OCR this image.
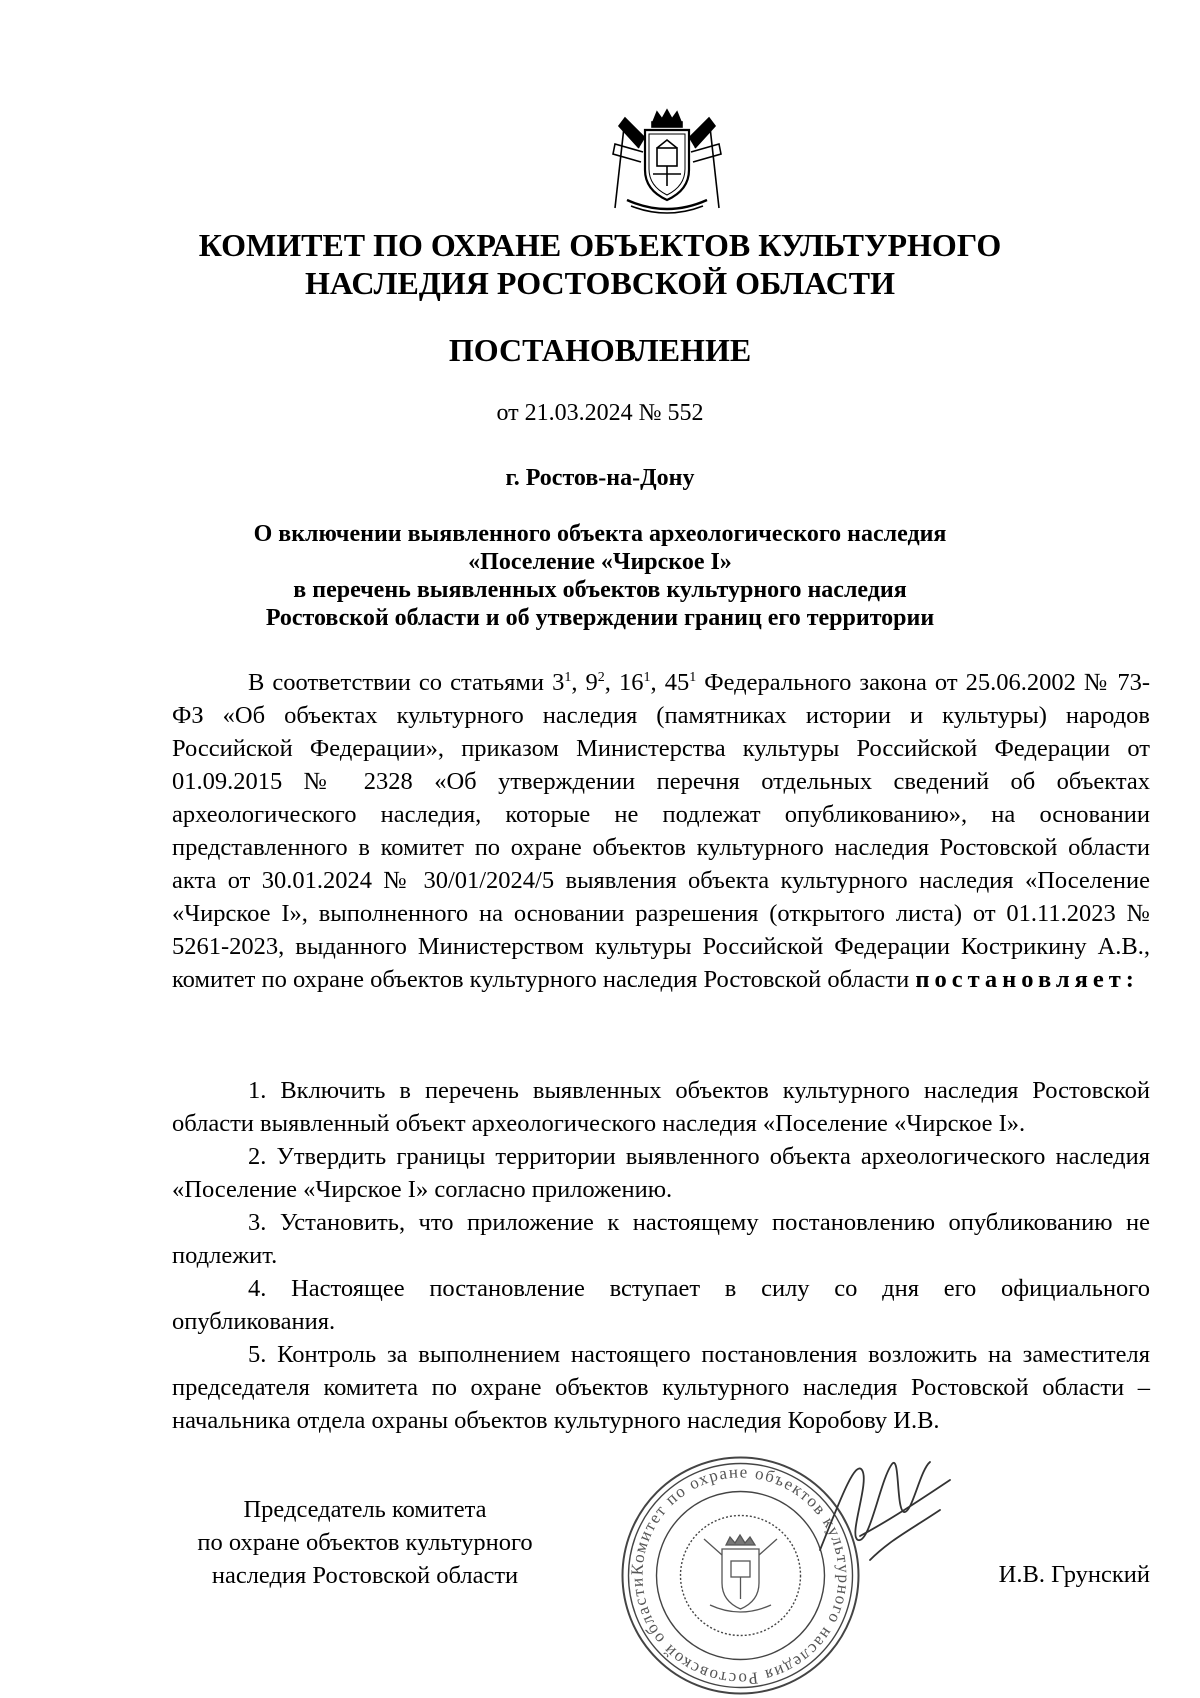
КОМИТЕТ ПО ОХРАНЕ ОБЪЕКТОВ КУЛЬТУРНОГО
НАСЛЕДИЯ РОСТОВСКОЙ ОБЛАСТИ
ПОСТАНОВЛЕНИЕ
от 21.03.2024 № 552
г. Ростов-на-Дону
О включении выявленного объекта археологического наследия
«Поселение «Чирское I»
в перечень выявленных объектов культурного наследия
Ростовской области и об утверждении границ его территории
В соответствии со статьями $3^1$, $9^2$, $16^1$, $45^1$ Федерального закона от 25.06.2002 № 73-ФЗ «Об объектах культурного наследия (памятниках истории и культуры) народов Российской Федерации», приказом Министерства культуры Российской Федерации от 01.09.2015 № 2328 «Об утверждении перечня отдельных сведений об объектах археологического наследия, которые не подлежат опубликованию», на основании представленного в комитет по охране объектов культурного наследия Ростовской области акта от 30.01.2024 № 30/01/2024/5 выявления объекта культурного наследия «Поселение «Чирское I», выполненного на основании разрешения (открытого листа) от 01.11.2023 № 5261-2023, выданного Министерством культуры Российской Федерации Кострикину А.В., комитет по охране объектов культурного наследия Ростовской области постановляет:

1. Включить в перечень выявленных объектов культурного наследия Ростовской области выявленный объект археологического наследия «Поселение «Чирское I».

2. Утвердить границы территории выявленного объекта археологического наследия «Поселение «Чирское I» согласно приложению.

3. Установить, что приложение к настоящему постановлению опубликованию не подлежит.

4. Настоящее постановление вступает в силу со дня его официального опубликования.

5. Контроль за выполнением настоящего постановления возложить на заместителя председателя комитета по охране объектов культурного наследия Ростовской области – начальника отдела охраны объектов культурного наследия Коробову И.В.

Председатель комитета
по охране объектов культурного
наследия Ростовской области	Комитет по охране объектов культурного наследия Ростовской области	И.В. Грунский
